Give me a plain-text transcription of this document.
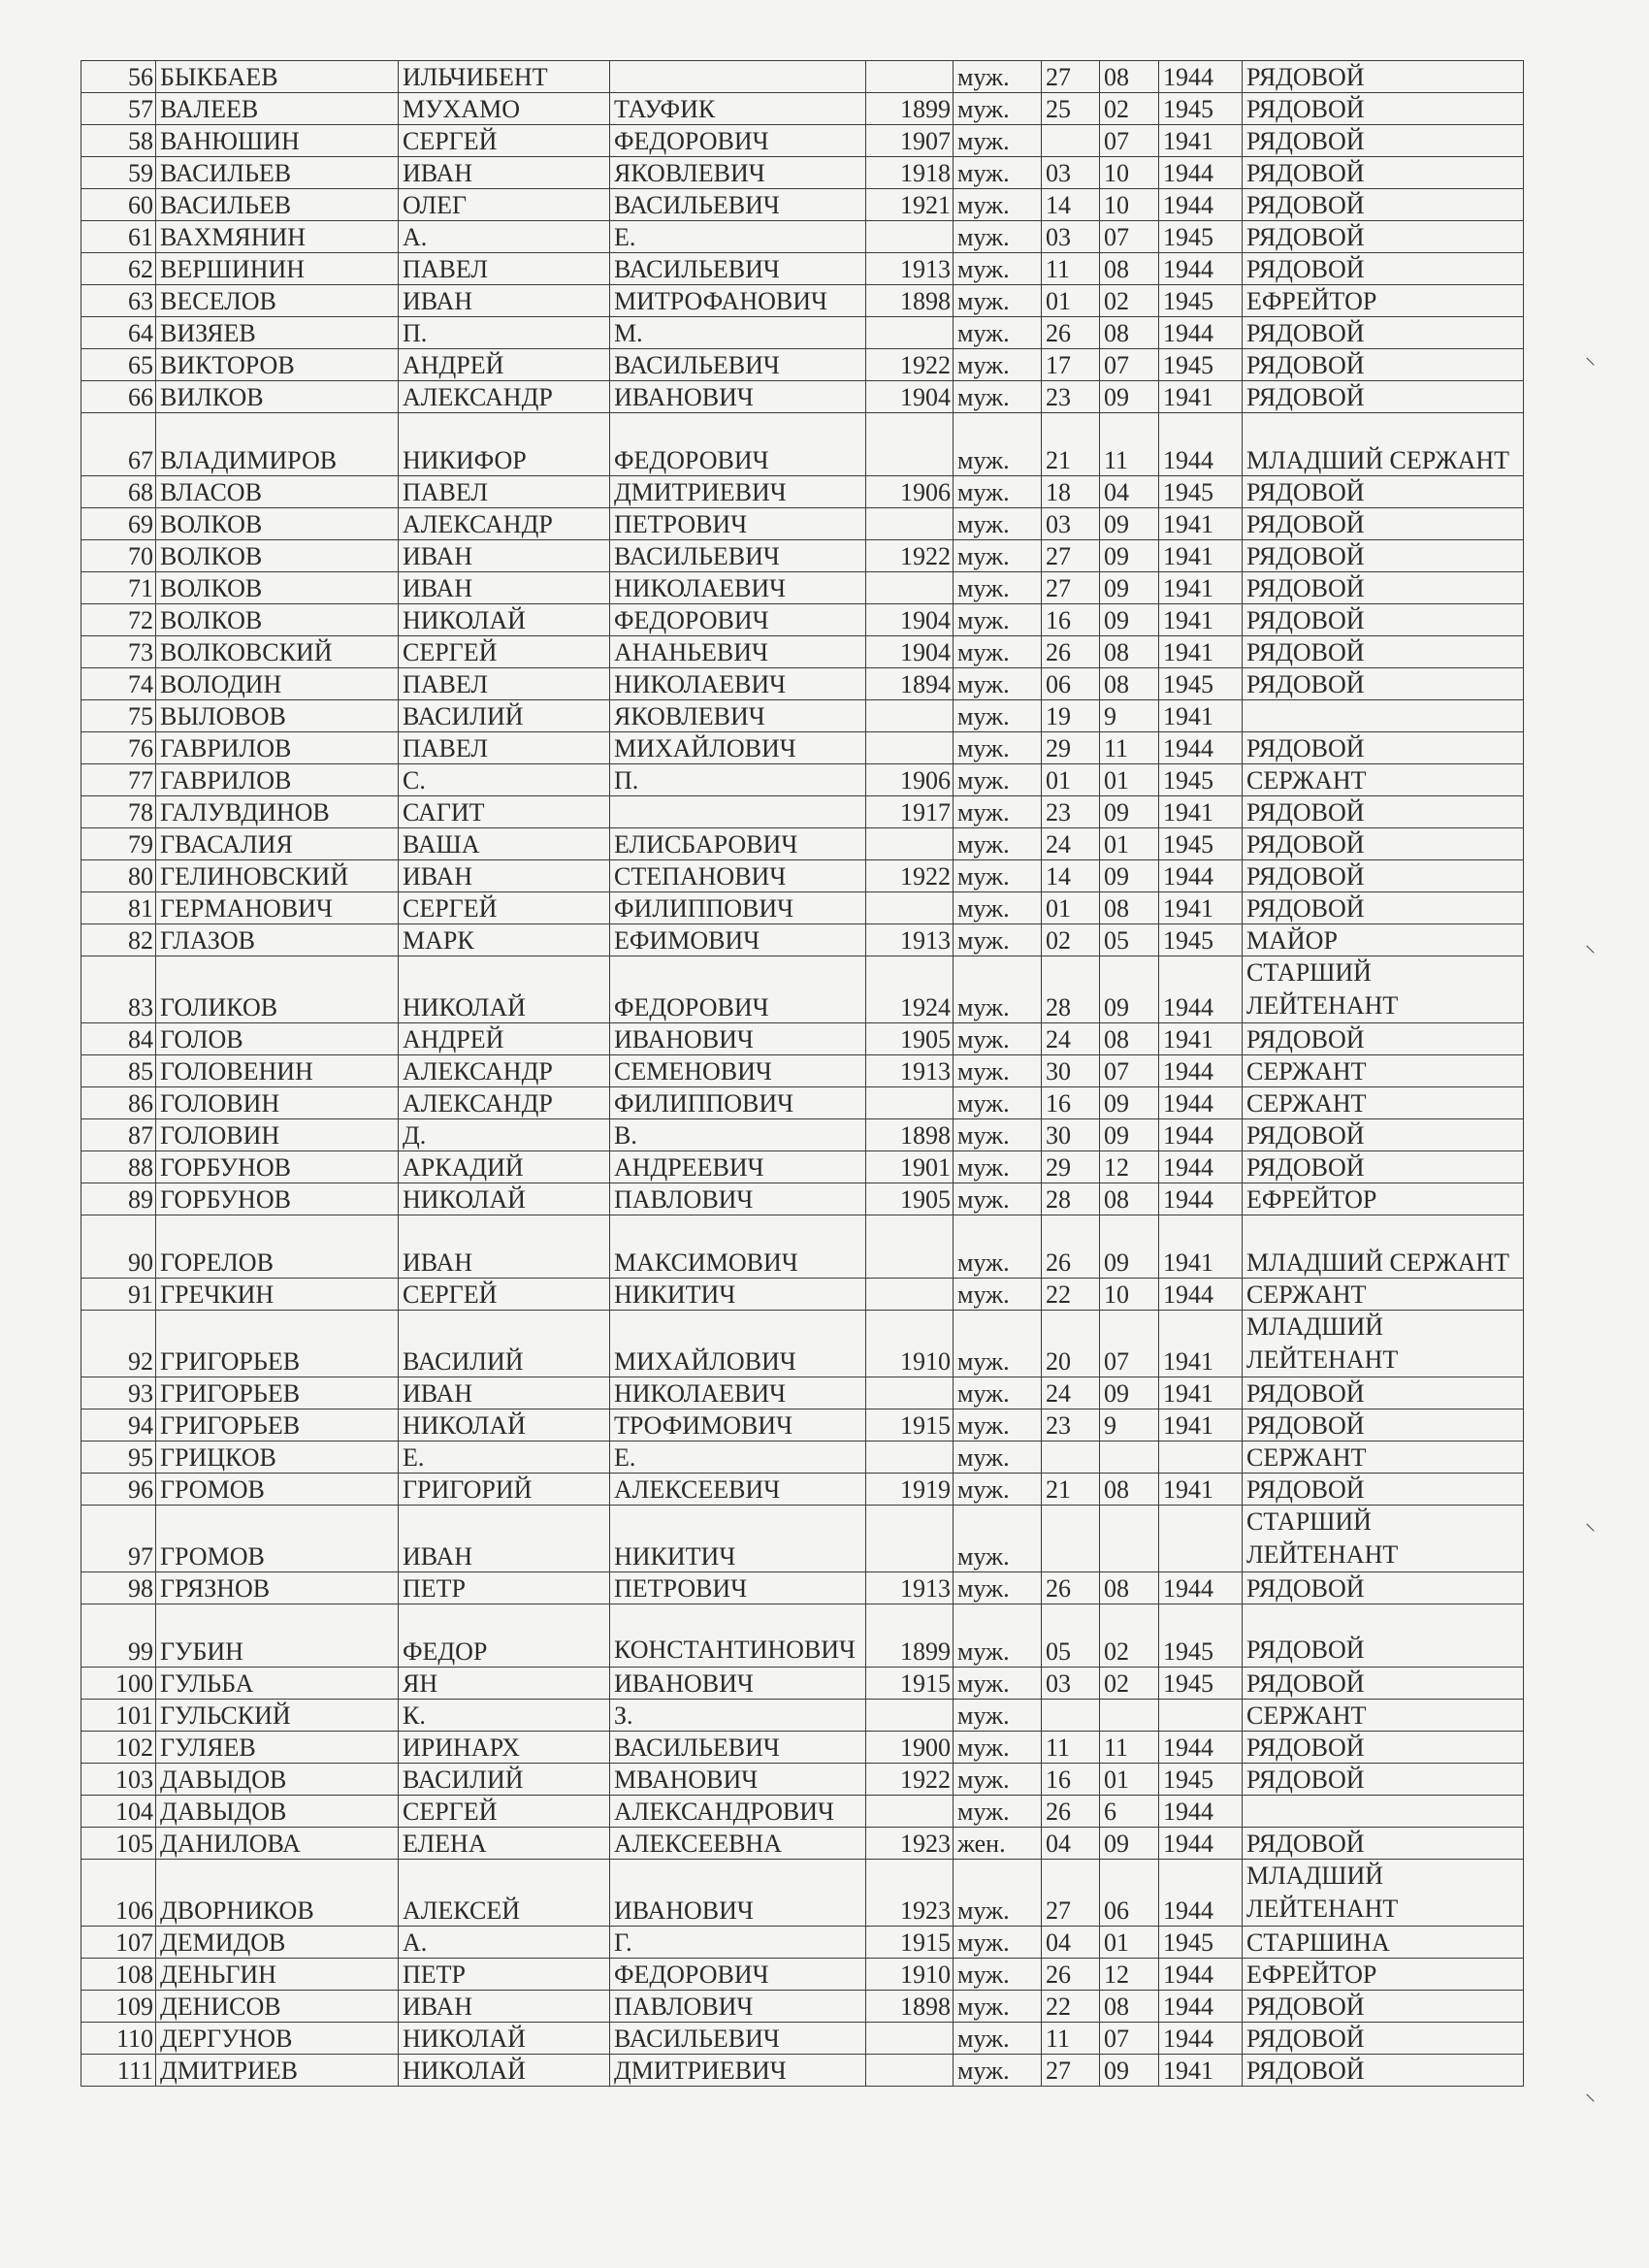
56	БЫКБАЕВ	ИЛЬЧИБЕНТ			муж.	27	08	1944	РЯДОВОЙ
57	ВАЛЕЕВ	МУХАМО	ТАУФИК	1899	муж.	25	02	1945	РЯДОВОЙ
58	ВАНЮШИН	СЕРГЕЙ	ФЕДОРОВИЧ	1907	муж.		07	1941	РЯДОВОЙ
59	ВАСИЛЬЕВ	ИВАН	ЯКОВЛЕВИЧ	1918	муж.	03	10	1944	РЯДОВОЙ
60	ВАСИЛЬЕВ	ОЛЕГ	ВАСИЛЬЕВИЧ	1921	муж.	14	10	1944	РЯДОВОЙ
61	ВАХМЯНИН	А.	Е.		муж.	03	07	1945	РЯДОВОЙ
62	ВЕРШИНИН	ПАВЕЛ	ВАСИЛЬЕВИЧ	1913	муж.	11	08	1944	РЯДОВОЙ
63	ВЕСЕЛОВ	ИВАН	МИТРОФАНОВИЧ	1898	муж.	01	02	1945	ЕФРЕЙТОР
64	ВИЗЯЕВ	П.	М.		муж.	26	08	1944	РЯДОВОЙ
65	ВИКТОРОВ	АНДРЕЙ	ВАСИЛЬЕВИЧ	1922	муж.	17	07	1945	РЯДОВОЙ
66	ВИЛКОВ	АЛЕКСАНДР	ИВАНОВИЧ	1904	муж.	23	09	1941	РЯДОВОЙ
67	ВЛАДИМИРОВ	НИКИФОР	ФЕДОРОВИЧ		муж.	21	11	1944	МЛАДШИЙ СЕРЖАНТ
68	ВЛАСОВ	ПАВЕЛ	ДМИТРИЕВИЧ	1906	муж.	18	04	1945	РЯДОВОЙ
69	ВОЛКОВ	АЛЕКСАНДР	ПЕТРОВИЧ		муж.	03	09	1941	РЯДОВОЙ
70	ВОЛКОВ	ИВАН	ВАСИЛЬЕВИЧ	1922	муж.	27	09	1941	РЯДОВОЙ
71	ВОЛКОВ	ИВАН	НИКОЛАЕВИЧ		муж.	27	09	1941	РЯДОВОЙ
72	ВОЛКОВ	НИКОЛАЙ	ФЕДОРОВИЧ	1904	муж.	16	09	1941	РЯДОВОЙ
73	ВОЛКОВСКИЙ	СЕРГЕЙ	АНАНЬЕВИЧ	1904	муж.	26	08	1941	РЯДОВОЙ
74	ВОЛОДИН	ПАВЕЛ	НИКОЛАЕВИЧ	1894	муж.	06	08	1945	РЯДОВОЙ
75	ВЫЛОВОВ	ВАСИЛИЙ	ЯКОВЛЕВИЧ		муж.	19	9	1941	
76	ГАВРИЛОВ	ПАВЕЛ	МИХАЙЛОВИЧ		муж.	29	11	1944	РЯДОВОЙ
77	ГАВРИЛОВ	С.	П.	1906	муж.	01	01	1945	СЕРЖАНТ
78	ГАЛУВДИНОВ	САГИТ		1917	муж.	23	09	1941	РЯДОВОЙ
79	ГВАСАЛИЯ	ВАША	ЕЛИСБАРОВИЧ		муж.	24	01	1945	РЯДОВОЙ
80	ГЕЛИНОВСКИЙ	ИВАН	СТЕПАНОВИЧ	1922	муж.	14	09	1944	РЯДОВОЙ
81	ГЕРМАНОВИЧ	СЕРГЕЙ	ФИЛИППОВИЧ		муж.	01	08	1941	РЯДОВОЙ
82	ГЛАЗОВ	МАРК	ЕФИМОВИЧ	1913	муж.	02	05	1945	МАЙОР
83	ГОЛИКОВ	НИКОЛАЙ	ФЕДОРОВИЧ	1924	муж.	28	09	1944	СТАРШИЙ ЛЕЙТЕНАНТ
84	ГОЛОВ	АНДРЕЙ	ИВАНОВИЧ	1905	муж.	24	08	1941	РЯДОВОЙ
85	ГОЛОВЕНИН	АЛЕКСАНДР	СЕМЕНОВИЧ	1913	муж.	30	07	1944	СЕРЖАНТ
86	ГОЛОВИН	АЛЕКСАНДР	ФИЛИППОВИЧ		муж.	16	09	1944	СЕРЖАНТ
87	ГОЛОВИН	Д.	В.	1898	муж.	30	09	1944	РЯДОВОЙ
88	ГОРБУНОВ	АРКАДИЙ	АНДРЕЕВИЧ	1901	муж.	29	12	1944	РЯДОВОЙ
89	ГОРБУНОВ	НИКОЛАЙ	ПАВЛОВИЧ	1905	муж.	28	08	1944	ЕФРЕЙТОР
90	ГОРЕЛОВ	ИВАН	МАКСИМОВИЧ		муж.	26	09	1941	МЛАДШИЙ СЕРЖАНТ
91	ГРЕЧКИН	СЕРГЕЙ	НИКИТИЧ		муж.	22	10	1944	СЕРЖАНТ
92	ГРИГОРЬЕВ	ВАСИЛИЙ	МИХАЙЛОВИЧ	1910	муж.	20	07	1941	МЛАДШИЙ ЛЕЙТЕНАНТ
93	ГРИГОРЬЕВ	ИВАН	НИКОЛАЕВИЧ		муж.	24	09	1941	РЯДОВОЙ
94	ГРИГОРЬЕВ	НИКОЛАЙ	ТРОФИМОВИЧ	1915	муж.	23	9	1941	РЯДОВОЙ
95	ГРИЦКОВ	Е.	Е.		муж.				СЕРЖАНТ
96	ГРОМОВ	ГРИГОРИЙ	АЛЕКСЕЕВИЧ	1919	муж.	21	08	1941	РЯДОВОЙ
97	ГРОМОВ	ИВАН	НИКИТИЧ		муж.				СТАРШИЙ ЛЕЙТЕНАНТ
98	ГРЯЗНОВ	ПЕТР	ПЕТРОВИЧ	1913	муж.	26	08	1944	РЯДОВОЙ
99	ГУБИН	ФЕДОР	КОНСТАНТИНОВИЧ	1899	муж.	05	02	1945	РЯДОВОЙ
100	ГУЛЬБА	ЯН	ИВАНОВИЧ	1915	муж.	03	02	1945	РЯДОВОЙ
101	ГУЛЬСКИЙ	К.	З.		муж.				СЕРЖАНТ
102	ГУЛЯЕВ	ИРИНАРХ	ВАСИЛЬЕВИЧ	1900	муж.	11	11	1944	РЯДОВОЙ
103	ДАВЫДОВ	ВАСИЛИЙ	МВАНОВИЧ	1922	муж.	16	01	1945	РЯДОВОЙ
104	ДАВЫДОВ	СЕРГЕЙ	АЛЕКСАНДРОВИЧ		муж.	26	6	1944	
105	ДАНИЛОВА	ЕЛЕНА	АЛЕКСЕЕВНА	1923	жен.	04	09	1944	РЯДОВОЙ
106	ДВОРНИКОВ	АЛЕКСЕЙ	ИВАНОВИЧ	1923	муж.	27	06	1944	МЛАДШИЙ ЛЕЙТЕНАНТ
107	ДЕМИДОВ	А.	Г.	1915	муж.	04	01	1945	СТАРШИНА
108	ДЕНЬГИН	ПЕТР	ФЕДОРОВИЧ	1910	муж.	26	12	1944	ЕФРЕЙТОР
109	ДЕНИСОВ	ИВАН	ПАВЛОВИЧ	1898	муж.	22	08	1944	РЯДОВОЙ
110	ДЕРГУНОВ	НИКОЛАЙ	ВАСИЛЬЕВИЧ		муж.	11	07	1944	РЯДОВОЙ
111	ДМИТРИЕВ	НИКОЛАЙ	ДМИТРИЕВИЧ		муж.	27	09	1941	РЯДОВОЙ
⸜
⸜
⸜
⸜
